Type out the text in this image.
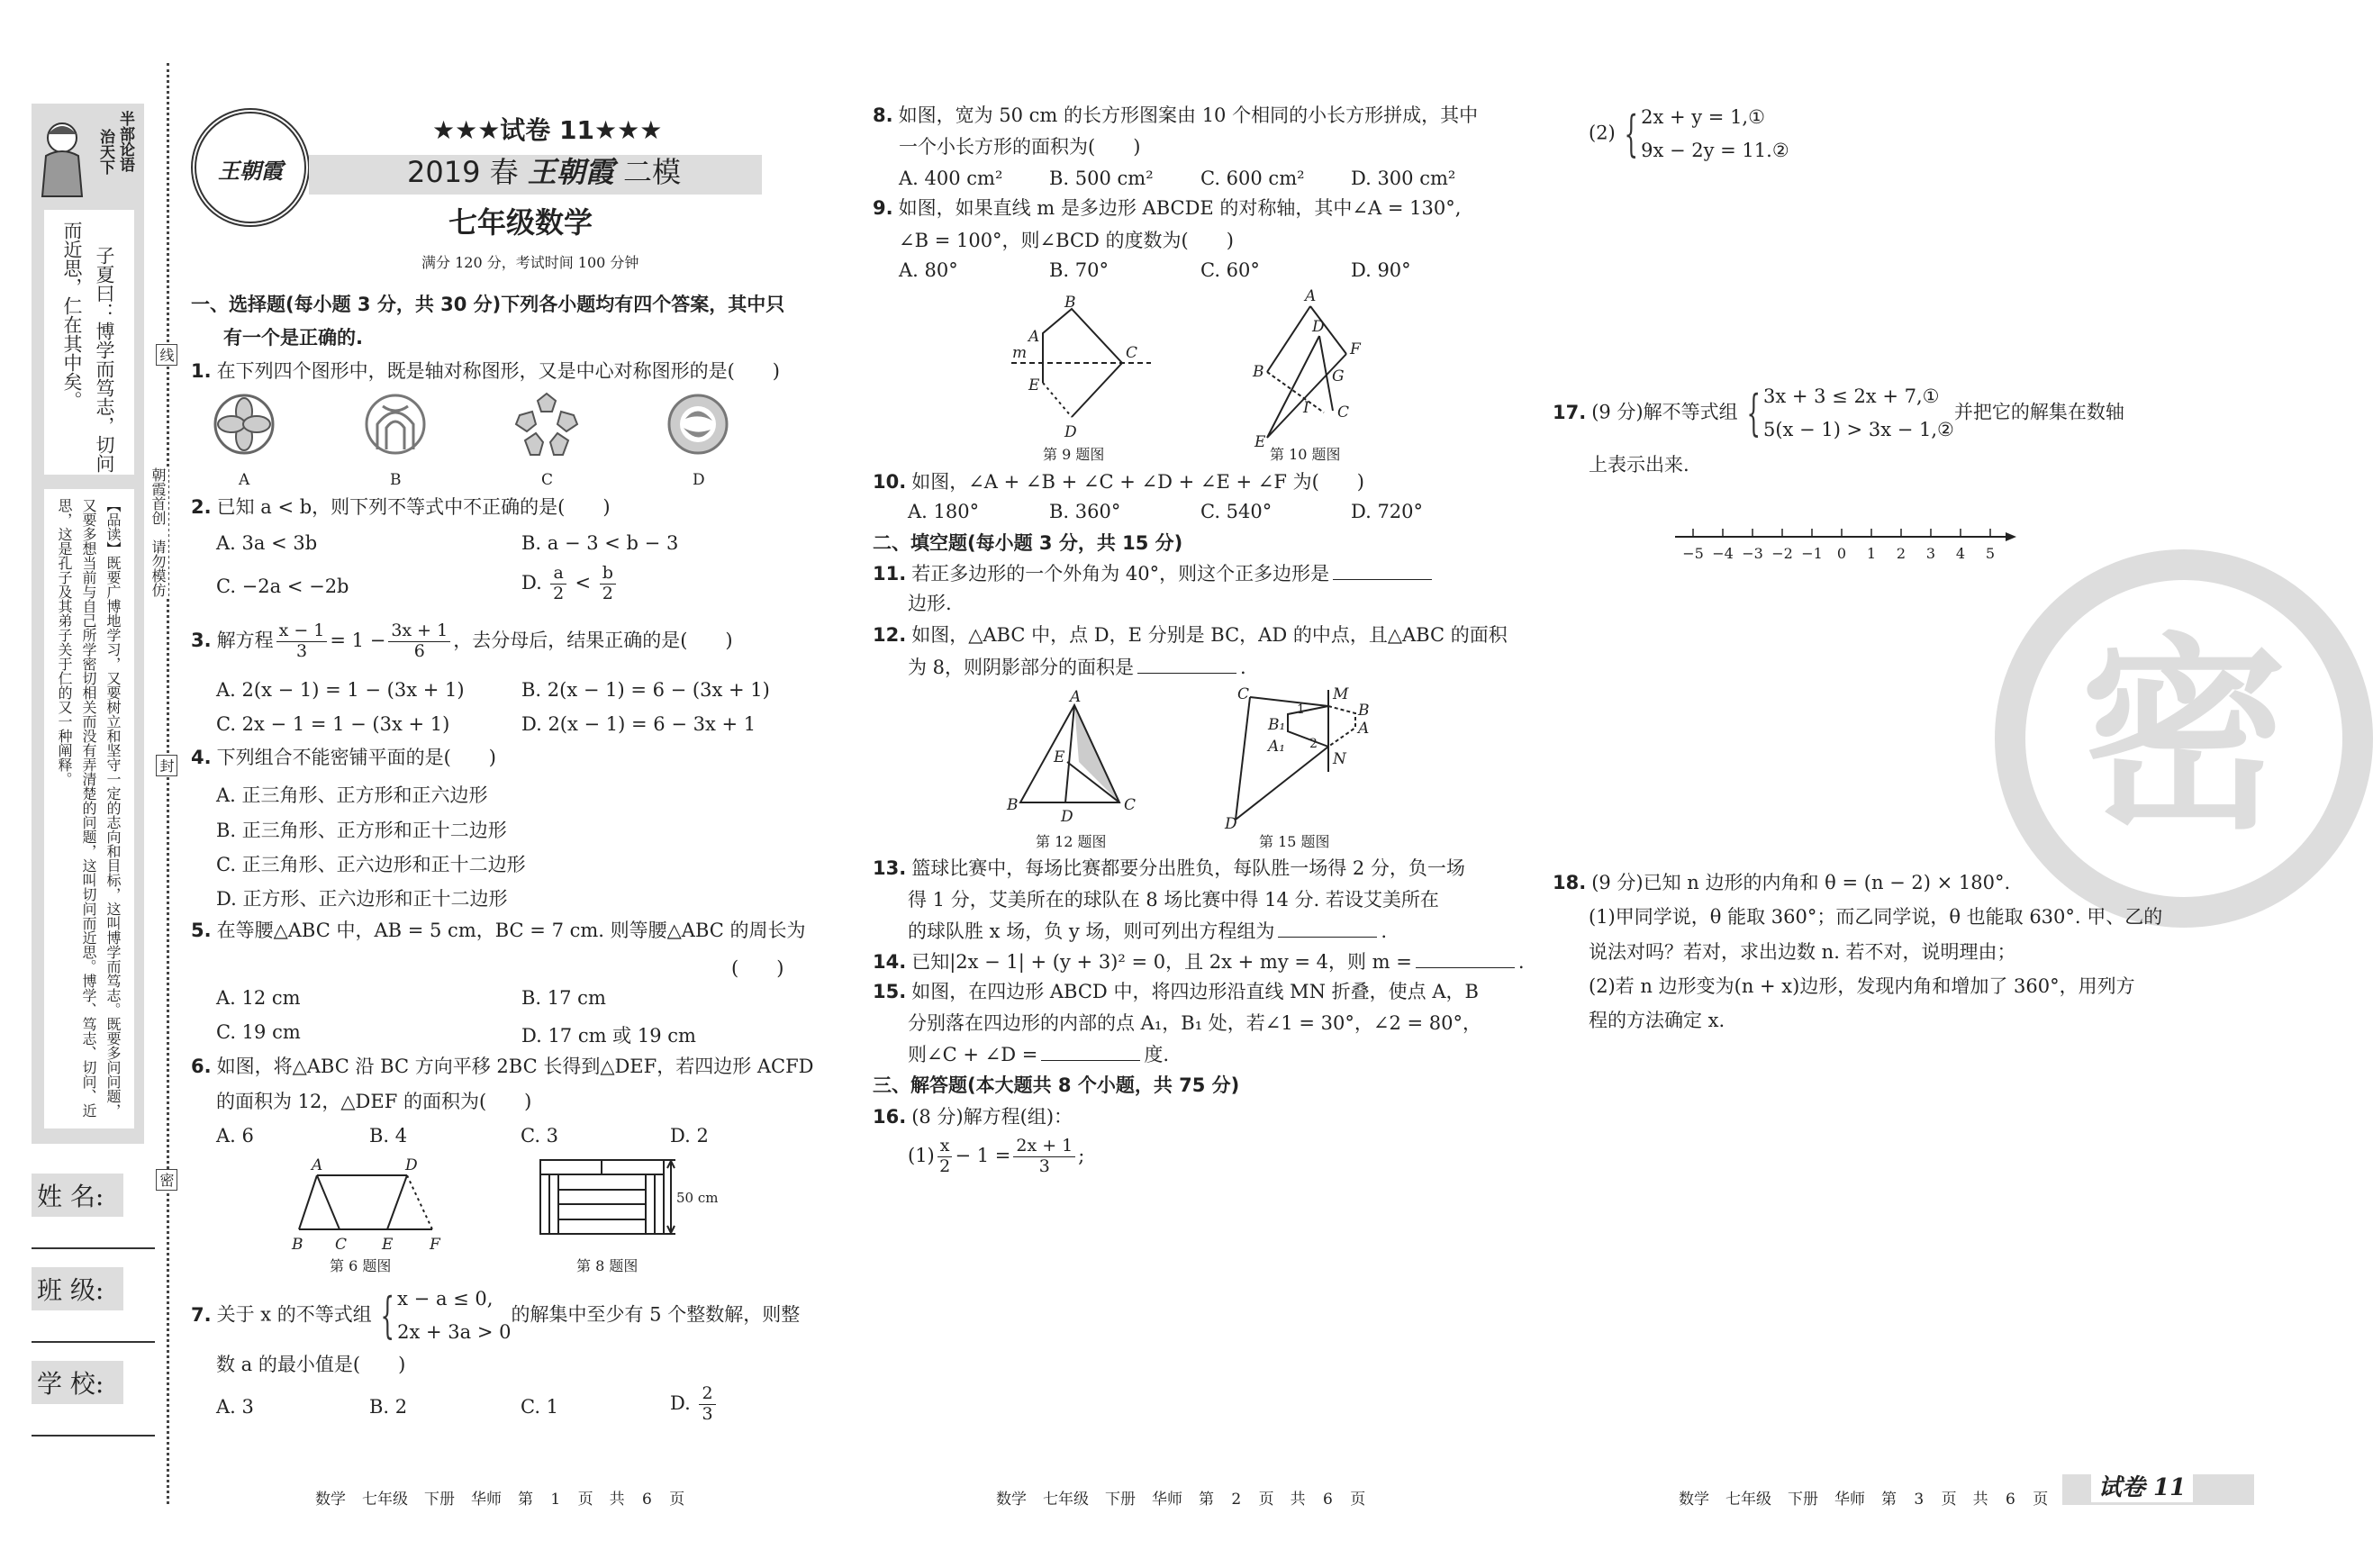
半部论语
治天下
子夏曰：博学而笃志，切问
而近思，仁在其中矣。
【品读】既要广博地学习，又要树立和坚守一定的志向和目标，这叫博学而笃志。既要多问问题，又要多想当前与自己所学密切相关而没有弄清楚的问题，这叫切问而近思。博学、笃志、切问、近思，这是孔子及其弟子关于仁的又一种阐释。
姓 名:
班 级:
学 校:
线
朝霞首创　请勿模仿
封
密
王朝霞
★★★试卷 11★★★
2019 春 王朝霞 二模
七年级数学
满分 120 分，考试时间 100 分钟
一、选择题(每小题 3 分，共 30 分)下列各小题均有四个答案，其中只
有一个是正确的.
1. 在下列四个图形中，既是轴对称图形，又是中心对称图形的是(　　)
A	B	C	D
2. 已知 a < b，则下列不等式中不正确的是(　　)
A. 3a < 3b	B. a − 3 < b − 3
C. −2a < −2b	D. $\frac{a}{2} < \frac{b}{2}$
3. 解方程 $\frac{x - 1}{3} = 1 - \frac{3x + 1}{6}$ ，去分母后，结果正确的是(　　)
A. 2(x − 1) = 1 − (3x + 1)	B. 2(x − 1) = 6 − (3x + 1)
C. 2x − 1 = 1 − (3x + 1)	D. 2(x − 1) = 6 − 3x + 1
4. 下列组合不能密铺平面的是(　　)
A. 正三角形、正方形和正六边形
B. 正三角形、正方形和正十二边形
C. 正三角形、正六边形和正十二边形
D. 正方形、正六边形和正十二边形
5. 在等腰△ABC 中，AB = 5 cm，BC = 7 cm. 则等腰△ABC 的周长为
(　　)
A. 12 cm	B. 17 cm
C. 19 cm	D. 17 cm 或 19 cm
6. 如图，将△ABC 沿 BC 方向平移 2BC 长得到△DEF，若四边形 ACFD
的面积为 12，△DEF 的面积为(　　)
A. 6	B. 4	C. 3	D. 2
A	D
B C E F
第 6 题图
50 cm
第 8 题图
7. 关于 x 的不等式组 { x − a ≤ 0,
2x + 3a > 0
的解集中至少有 5 个整数解，则整
数 a 的最小值是(　　)
A. 3	B. 2	C. 1	D. $\frac{2}{3}$
数学 七年级 下册 华师 第 1 页 共 6 页
8. 如图，宽为 50 cm 的长方形图案由 10 个相同的小长方形拼成，其中
一个小长方形的面积为(　　)
A. 400 cm² B. 500 cm² C. 600 cm² D. 300 cm²
9. 如图，如果直线 m 是多边形 ABCDE 的对称轴，其中∠A = 130°,
∠B = 100°，则∠BCD 的度数为(　　)
A. 80°	B. 70°	C. 60°	D. 90°
B
A
m	C
E
D
第 9 题图
A
D
F
B	G
I C
E
第 10 题图
10. 如图，∠A + ∠B + ∠C + ∠D + ∠E + ∠F 为(　　)
A. 180°	B. 360°	C. 540°	D. 720°
二、填空题(每小题 3 分，共 15 分)
11. 若正多边形的一个外角为 40°，则这个正多边形是
边形.
12. 如图，△ABC 中，点 D，E 分别是 BC，AD 的中点，且△ABC 的面积
为 8，则阴影部分的面积是	.
A
E
B
D
C
第 12 题图
C	M
1
B₁
B
A₁
A
2
N
D
第 15 题图
13. 篮球比赛中，每场比赛都要分出胜负，每队胜一场得 2 分，负一场
得 1 分，艾美所在的球队在 8 场比赛中得 14 分. 若设艾美所在
的球队胜 x 场，负 y 场，则可列出方程组为	.
14. 已知|2x − 1| + (y + 3)² = 0，且 2x + my = 4，则 m =	.
15. 如图，在四边形 ABCD 中，将四边形沿直线 MN 折叠，使点 A，B
分别落在四边形的内部的点 A₁，B₁ 处，若∠1 = 30°，∠2 = 80°，
则∠C + ∠D =	度.
三、解答题(本大题共 8 个小题，共 75 分)
16. (8 分)解方程(组)：
$(1) \frac{x}{2} - 1 = \frac{2x + 1}{3}$ ;
数学 七年级 下册 华师 第 2 页 共 6 页
密
(2) { 2x + y = 1,①
9x − 2y = 11.②
17. (9 分)解不等式组 { 3x + 3 ≤ 2x + 7,①
5(x − 1) > 3x − 1,②
并把它的解集在数轴
上表示出来.
−5 −4 −3 −2 −1 0 1 2 3 4 5
18. (9 分)已知 n 边形的内角和 θ = (n − 2) × 180°.
(1)甲同学说，θ 能取 360°；而乙同学说，θ 也能取 630°. 甲、乙的
说法对吗？若对，求出边数 n. 若不对，说明理由；
(2)若 n 边形变为(n + x)边形，发现内角和增加了 360°，用列方
程的方法确定 x.
数学 七年级 下册 华师 第 3 页 共 6 页	试卷 11
